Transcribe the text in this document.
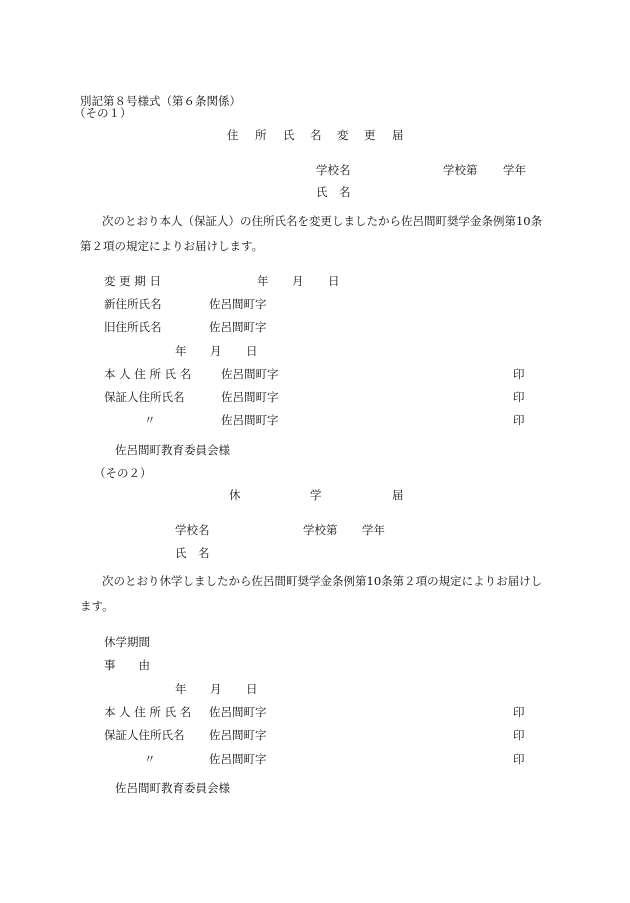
別記第８号様式（第６条関係）
（その１）
住 所 氏 名 変 更 届
学校名	学校第 学年
氏　名
次のとおり本人（保証人）の住所氏名を変更しましたから佐呂間町奨学金条例第10条
第２項の規定によりお届けします。
変 更 期 日	年 月 日
新住所氏名	佐呂間町字
旧住所氏名	佐呂間町字
年 月 日
本 人 住 所 氏 名	佐呂間町字	印
保証人住所氏名	佐呂間町字	印
〃	佐呂間町字	印
佐呂間町教育委員会様
（その２）
休	学	届
学校名	学校第 学年
氏　名
次のとおり休学しましたから佐呂間町奨学金条例第10条第２項の規定によりお届けし
ます。
休学期間
事　　由
年 月 日
本 人 住 所 氏 名 佐呂間町字	印
保証人住所氏名 佐呂間町字	印
〃	佐呂間町字	印
佐呂間町教育委員会様
